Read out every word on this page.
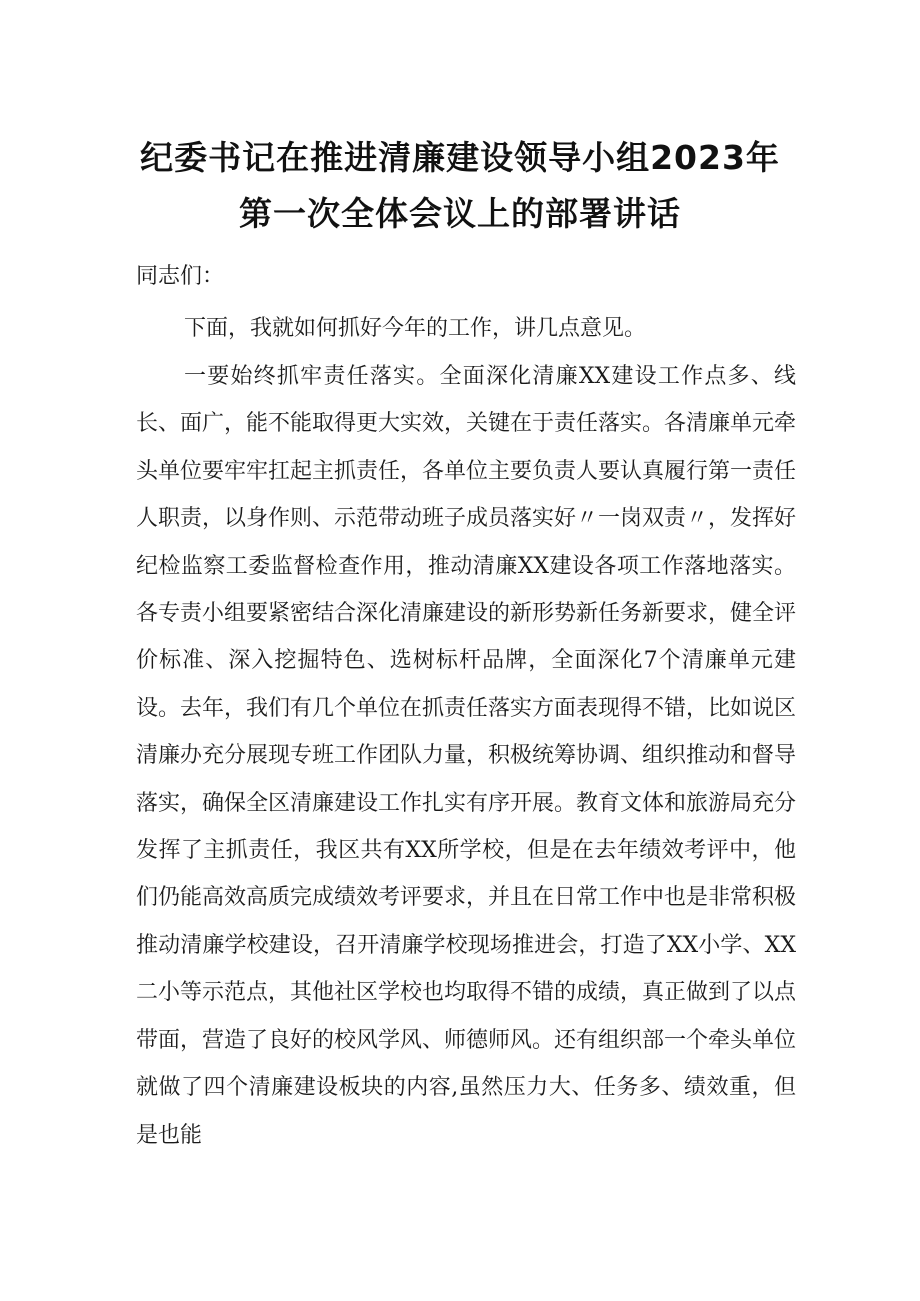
纪委书记在推进清廉建设领导小组2023年
第一次全体会议上的部署讲话

同志们：

下面，我就如何抓好今年的工作，讲几点意见。

一要始终抓牢责任落实。全面深化清廉XX建设工作点多、线长、面广，能不能取得更大实效，关键在于责任落实。各清廉单元牵头单位要牢牢扛起主抓责任，各单位主要负责人要认真履行第一责任人职责，以身作则、示范带动班子成员落实好〃一岗双责〃，发挥好纪检监察工委监督检查作用，推动清廉XX建设各项工作落地落实。各专责小组要紧密结合深化清廉建设的新形势新任务新要求，健全评价标准、深入挖掘特色、选树标杆品牌，全面深化7个清廉单元建设。去年，我们有几个单位在抓责任落实方面表现得不错，比如说区清廉办充分展现专班工作团队力量，积极统筹协调、组织推动和督导落实，确保全区清廉建设工作扎实有序开展。教育文体和旅游局充分发挥了主抓责任，我区共有XX所学校，但是在去年绩效考评中，他们仍能高效高质完成绩效考评要求，并且在日常工作中也是非常积极推动清廉学校建设，召开清廉学校现场推进会，打造了XX小学、XX二小等示范点，其他社区学校也均取得不错的成绩，真正做到了以点带面，营造了良好的校风学风、师德师风。还有组织部一个牵头单位就做了四个清廉建设板块的内容,虽然压力大、任务多、绩效重，但是也能
